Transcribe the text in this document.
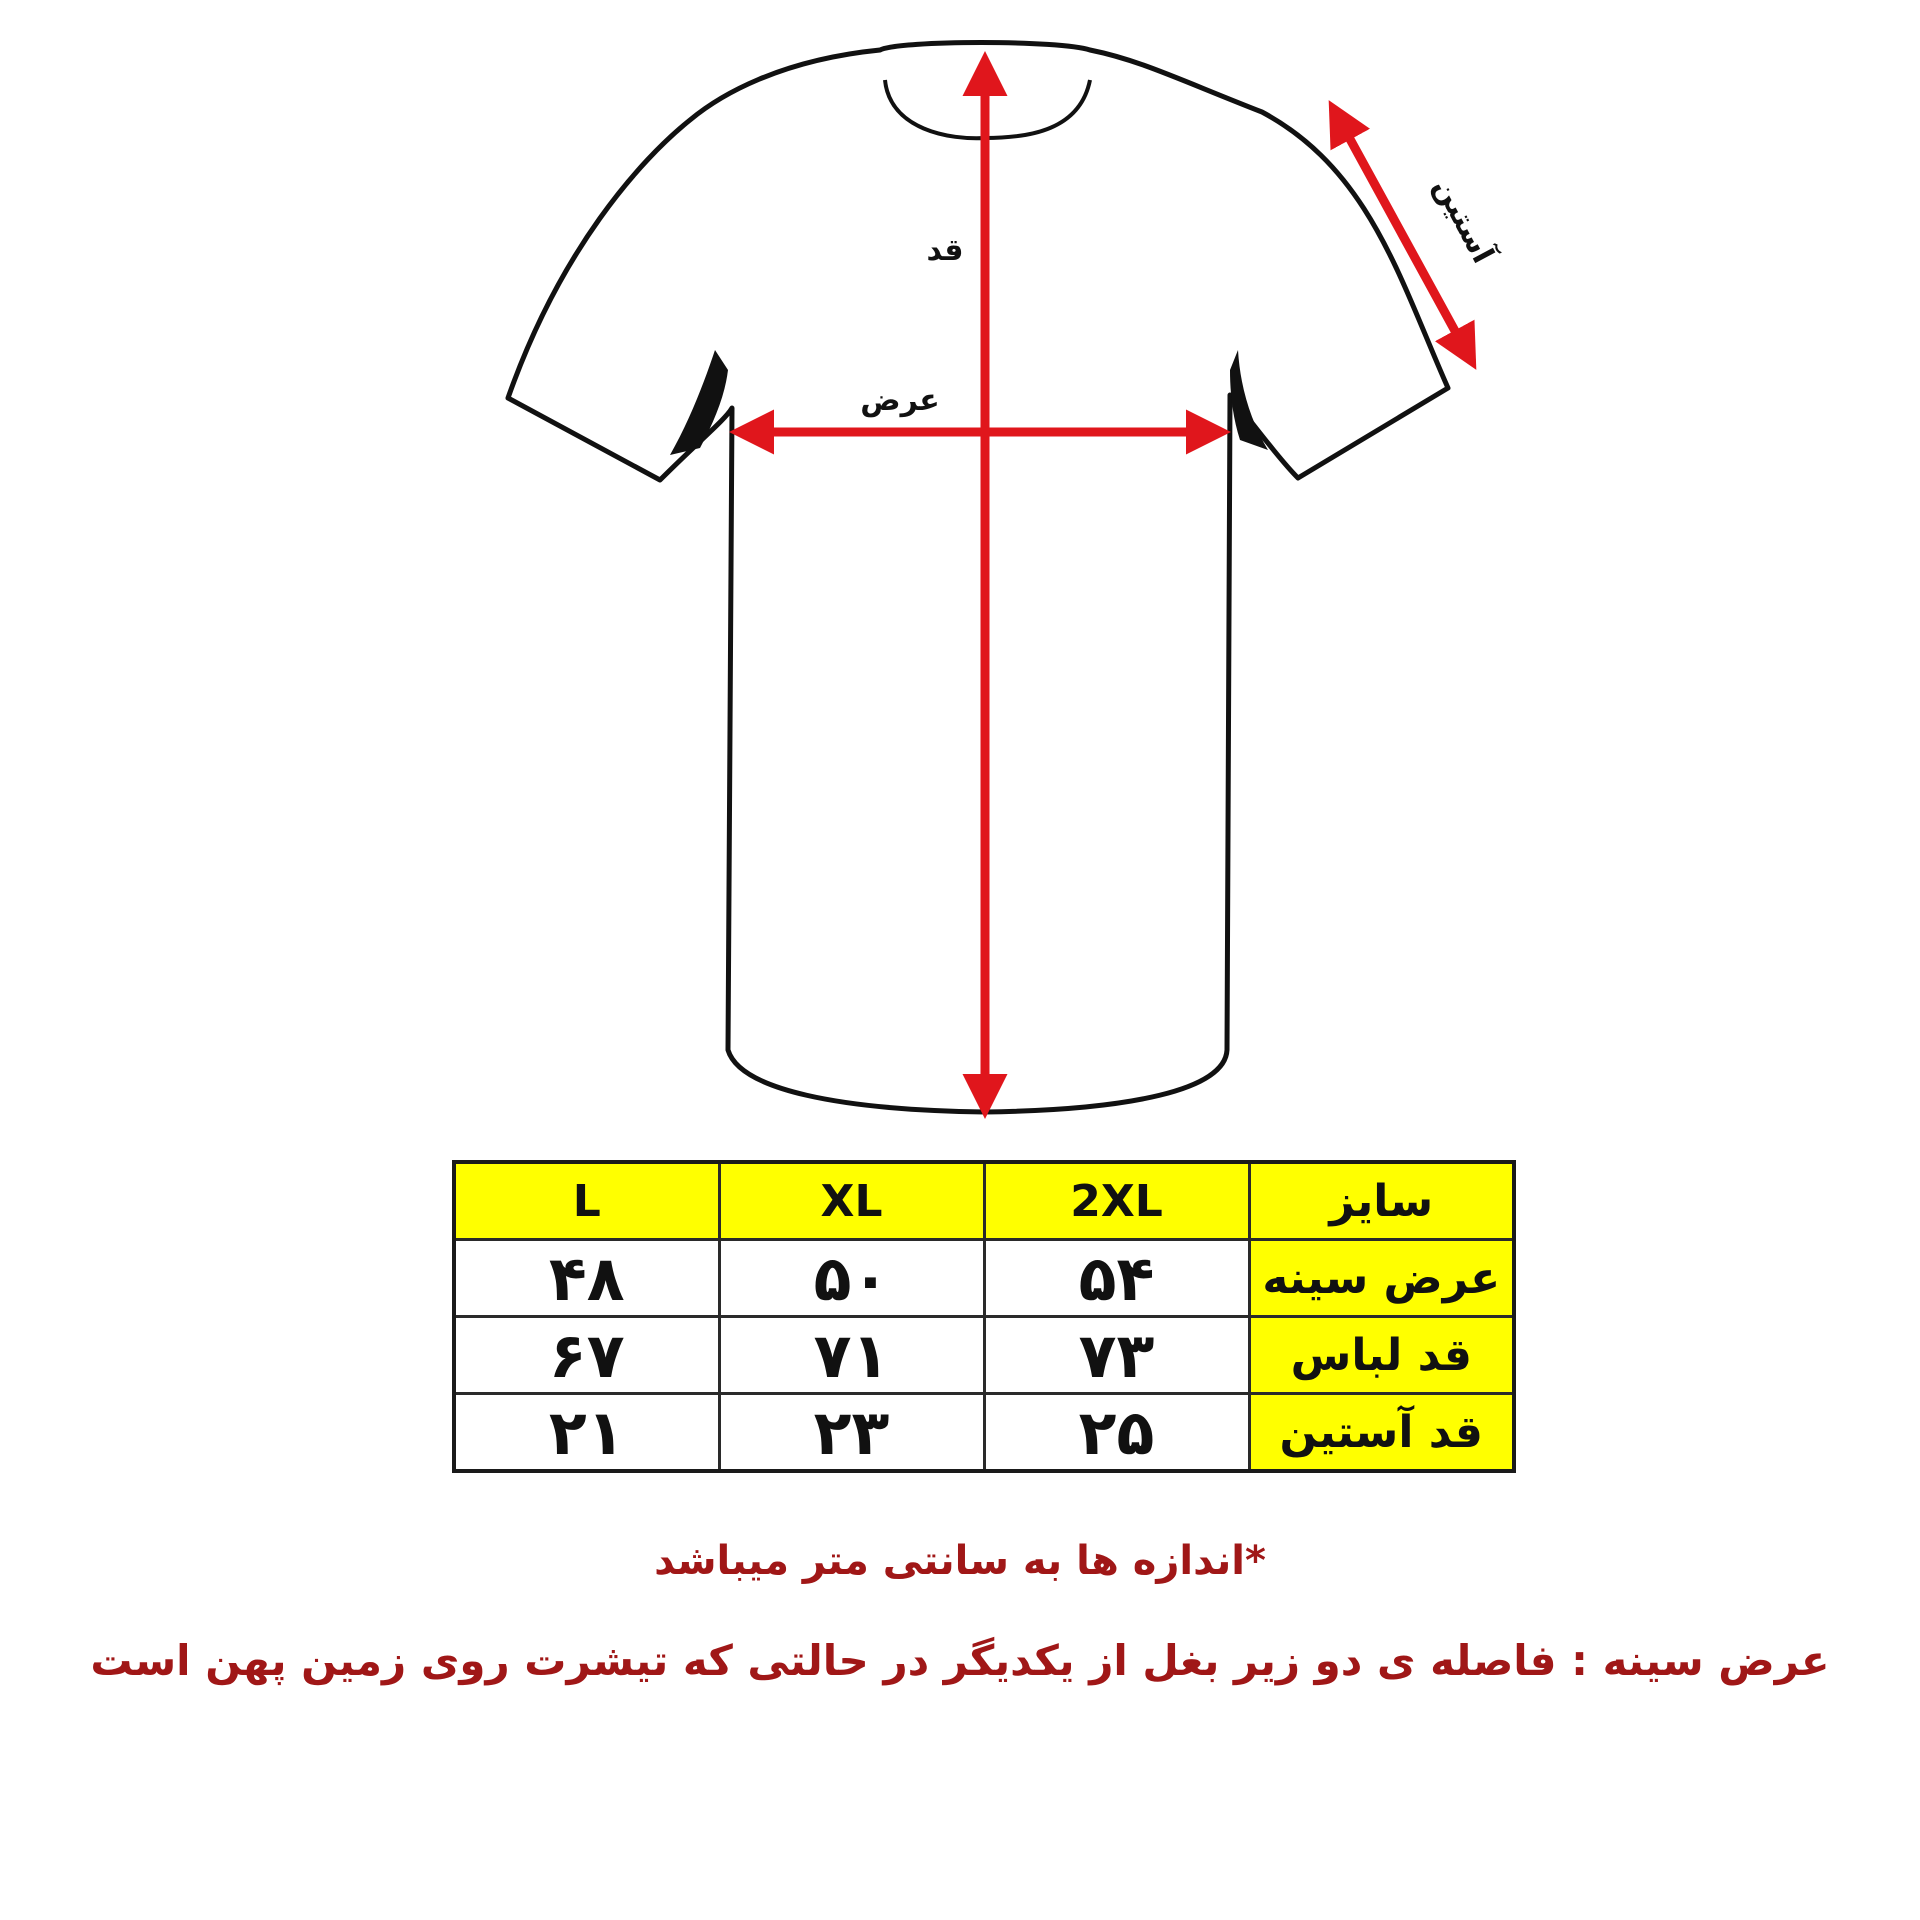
قد
عرض
آستین
L	XL	2XL	سایز
۴۸	۵۰	۵۴	عرض سینه
۶۷	۷۱	۷۳	قد لباس
۲۱	۲۳	۲۵	قد آستین
*اندازه ها به سانتی متر میباشد
عرض سینه : فاصله ی دو زیر بغل از یکدیگر در حالتی که تیشرت روی زمین پهن است
